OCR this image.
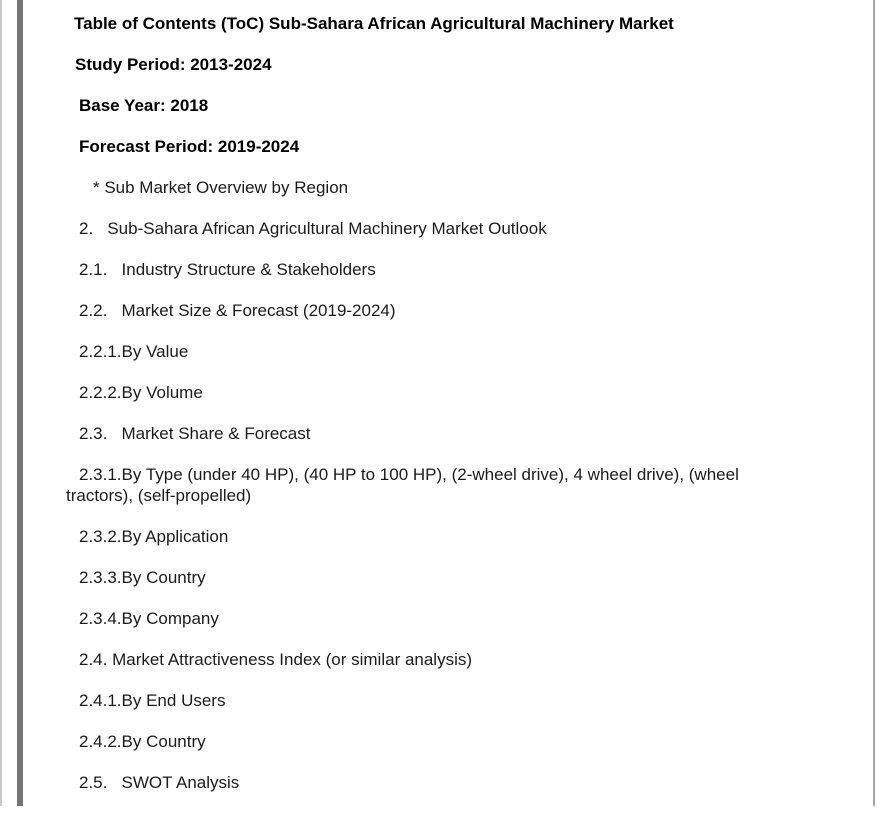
Table of Contents (ToC) Sub-Sahara African Agricultural Machinery Market

Study Period: 2013-2024

Base Year: 2018

Forecast Period: 2019-2024

* Sub Market Overview by Region

2.   Sub-Sahara African Agricultural Machinery Market Outlook

2.1.   Industry Structure & Stakeholders

2.2.   Market Size & Forecast (2019-2024)

2.2.1.By Value

2.2.2.By Volume

2.3.   Market Share & Forecast

2.3.1.By Type (under 40 HP), (40 HP to 100 HP), (2-wheel drive), 4 wheel drive), (wheel tractors), (self-propelled)

2.3.2.By Application

2.3.3.By Country

2.3.4.By Company

2.4. Market Attractiveness Index (or similar analysis)

2.4.1.By End Users

2.4.2.By Country

2.5.   SWOT Analysis
